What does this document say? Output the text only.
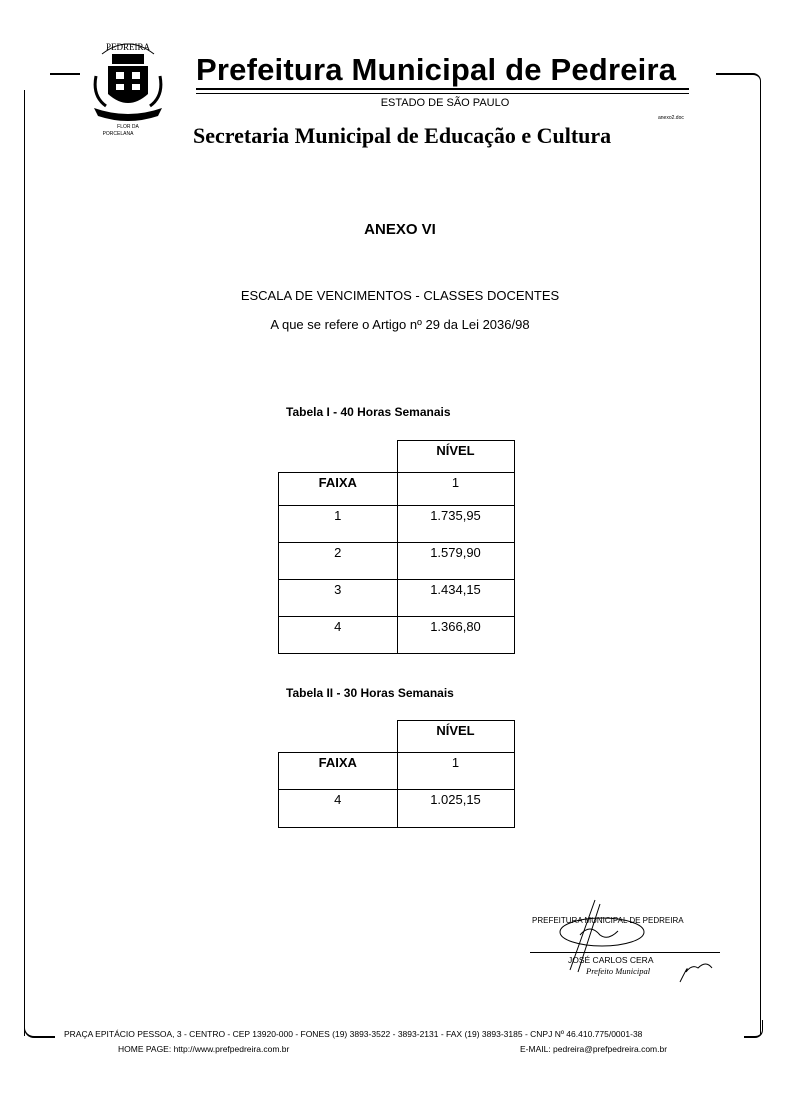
PEDREIRA
FLOR DA
PORCELANA
Prefeitura Municipal de Pedreira
ESTADO DE SÃO PAULO
anexo2.doc
Secretaria Municipal de Educação e Cultura
ANEXO VI
ESCALA DE VENCIMENTOS - CLASSES DOCENTES
A que se refere o Artigo nº 29 da Lei 2036/98
Tabela I - 40 Horas Semanais
	NÍVEL
FAIXA	1
1	1.735,95
2	1.579,90
3	1.434,15
4	1.366,80
Tabela II - 30 Horas Semanais
	NÍVEL
FAIXA	1
4	1.025,15
PREFEITURA MUNICIPAL DE PEDREIRA
JOSÉ CARLOS CERA
Prefeito Municipal
PRAÇA EPITÁCIO PESSOA, 3 - CENTRO - CEP 13920-000 - FONES (19) 3893-3522 - 3893-2131 - FAX (19) 3893-3185 - CNPJ Nº 46.410.775/0001-38
HOME PAGE: http://www.prefpedreira.com.br	E-MAIL: pedreira@prefpedreira.com.br
